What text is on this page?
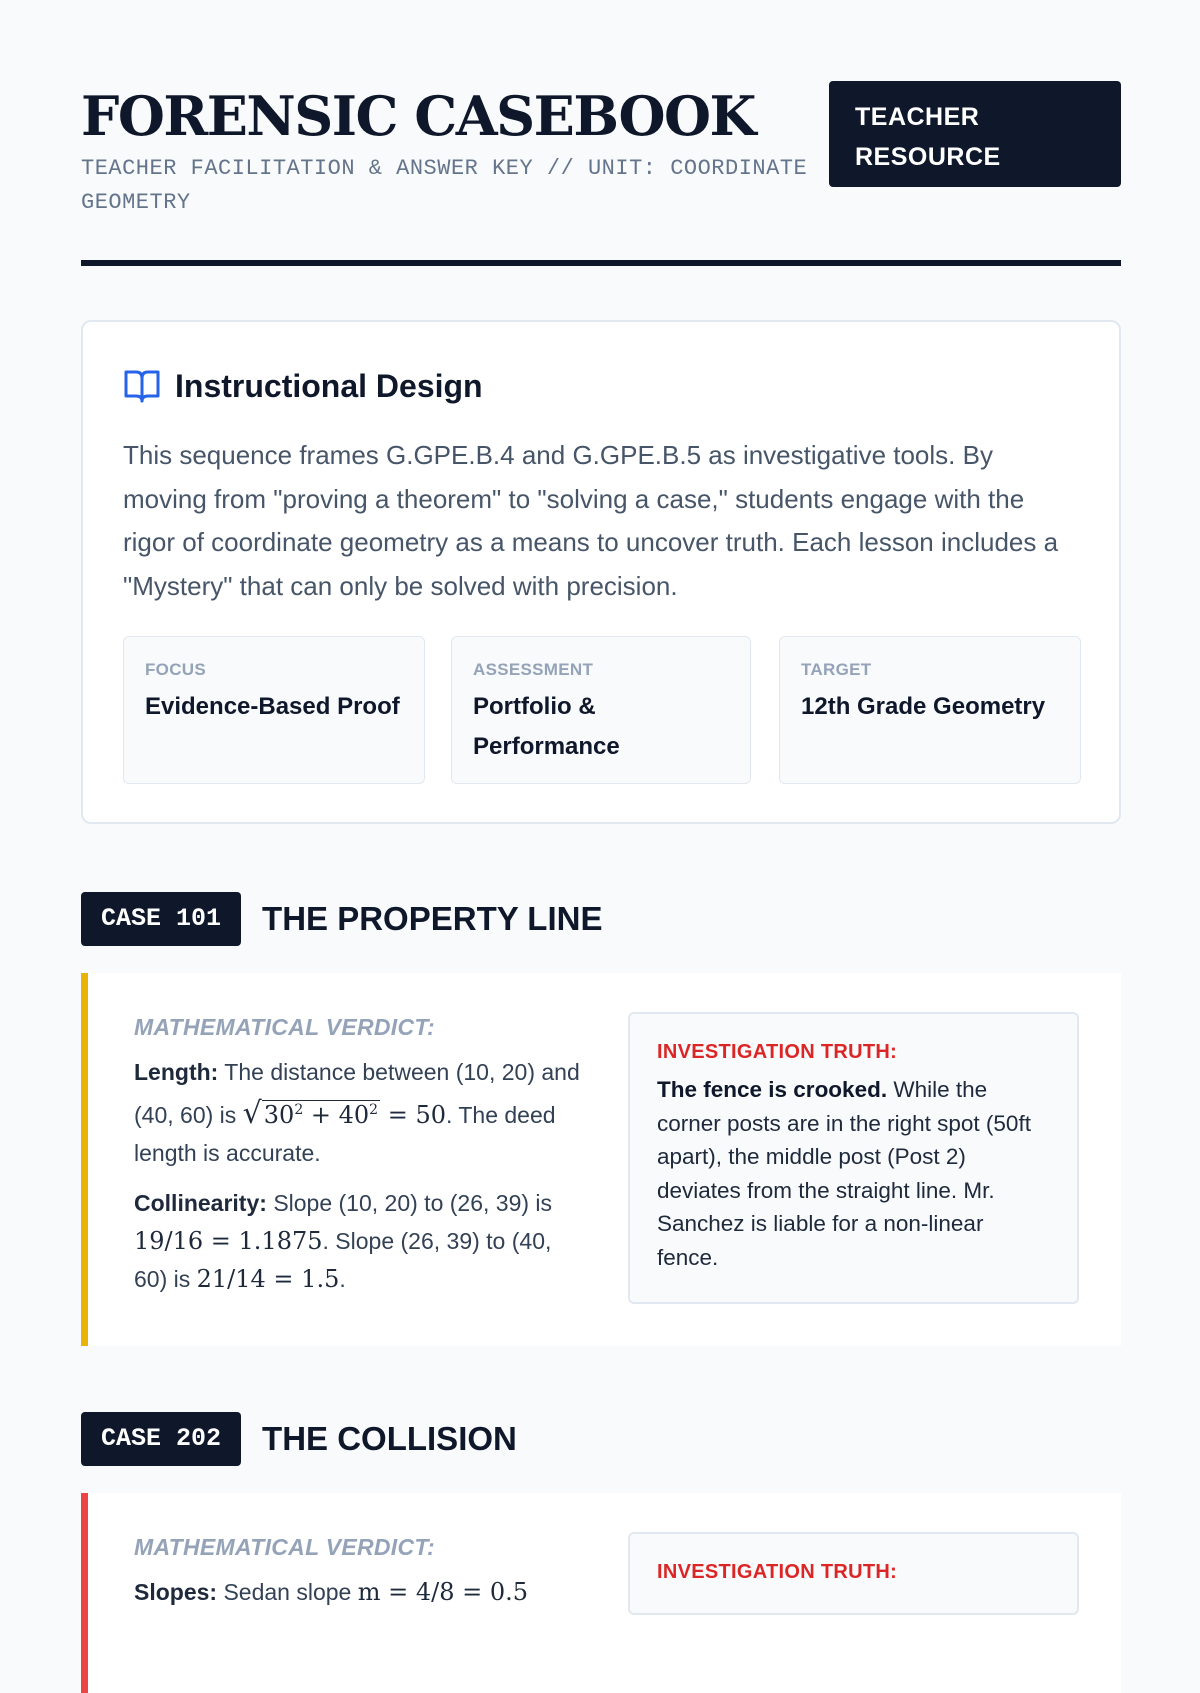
FORENSIC CASEBOOK
TEACHER FACILITATION & ANSWER KEY // UNIT: COORDINATE GEOMETRY
TEACHER RESOURCE
Instructional Design

This sequence frames G.GPE.B.4 and G.GPE.B.5 as investigative tools. By moving from "proving a theorem" to "solving a case," students engage with the rigor of coordinate geometry as a means to uncover truth. Each lesson includes a "Mystery" that can only be solved with precision.

FOCUS
Evidence-Based Proof
ASSESSMENT
Portfolio & Performance
TARGET
12th Grade Geometry
CASE 101	THE PROPERTY LINE
MATHEMATICAL VERDICT:

Length: The distance between (10, 20) and (40, 60) is $√30^2 + 40^2 = 50$. The deed length is accurate.

Collinearity: Slope (10, 20) to (26, 39) is 19/16 = 1.1875. Slope (26, 39) to (40, 60) is 21/14 = 1.5.

INVESTIGATION TRUTH:

The fence is crooked. While the corner posts are in the right spot (50ft apart), the middle post (Post 2) deviates from the straight line. Mr. Sanchez is liable for a non-linear fence.

CASE 202	THE COLLISION
MATHEMATICAL VERDICT:

Slopes: Sedan slope m = 4/8 = 0.5

INVESTIGATION TRUTH:
